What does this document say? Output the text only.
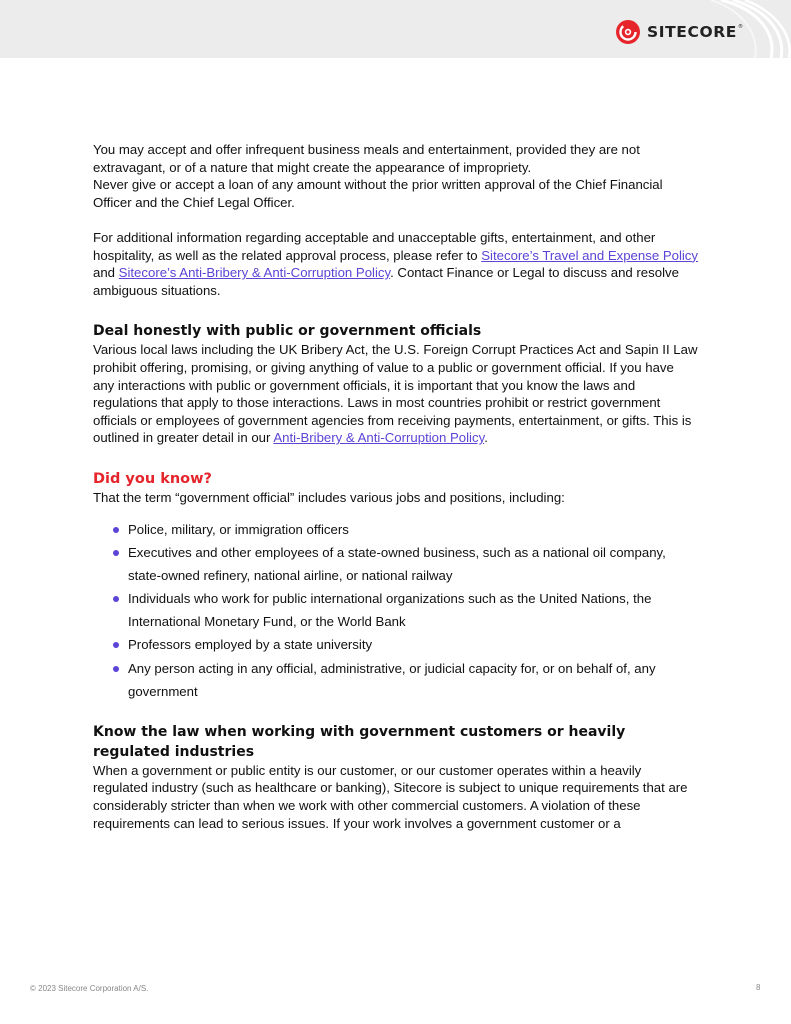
SITECORE®

You may accept and offer infrequent business meals and entertainment, provided they are not extravagant, or of a nature that might create the appearance of impropriety.

Never give or accept a loan of any amount without the prior written approval of the Chief Financial Officer and the Chief Legal Officer.

For additional information regarding acceptable and unacceptable gifts, entertainment, and other hospitality, as well as the related approval process, please refer to Sitecore’s Travel and Expense Policy and Sitecore’s Anti-Bribery & Anti-Corruption Policy. Contact Finance or Legal to discuss and resolve ambiguous situations.

Deal honestly with public or government officials

Various local laws including the UK Bribery Act, the U.S. Foreign Corrupt Practices Act and Sapin II Law prohibit offering, promising, or giving anything of value to a public or government official. If you have any interactions with public or government officials, it is important that you know the laws and regulations that apply to those interactions. Laws in most countries prohibit or restrict government officials or employees of government agencies from receiving payments, entertainment, or gifts. This is outlined in greater detail in our Anti-Bribery & Anti-Corruption Policy.

Did you know?

That the term “government official” includes various jobs and positions, including:

Police, military, or immigration officers
Executives and other employees of a state-owned business, such as a national oil company, state-owned refinery, national airline, or national railway
Individuals who work for public international organizations such as the United Nations, the International Monetary Fund, or the World Bank
Professors employed by a state university
Any person acting in any official, administrative, or judicial capacity for, or on behalf of, any government
Know the law when working with government customers or heavily regulated industries

When a government or public entity is our customer, or our customer operates within a heavily regulated industry (such as healthcare or banking), Sitecore is subject to unique requirements that are considerably stricter than when we work with other commercial customers. A violation of these requirements can lead to serious issues. If your work involves a government customer or a

© 2023 Sitecore Corporation A/S.	8
